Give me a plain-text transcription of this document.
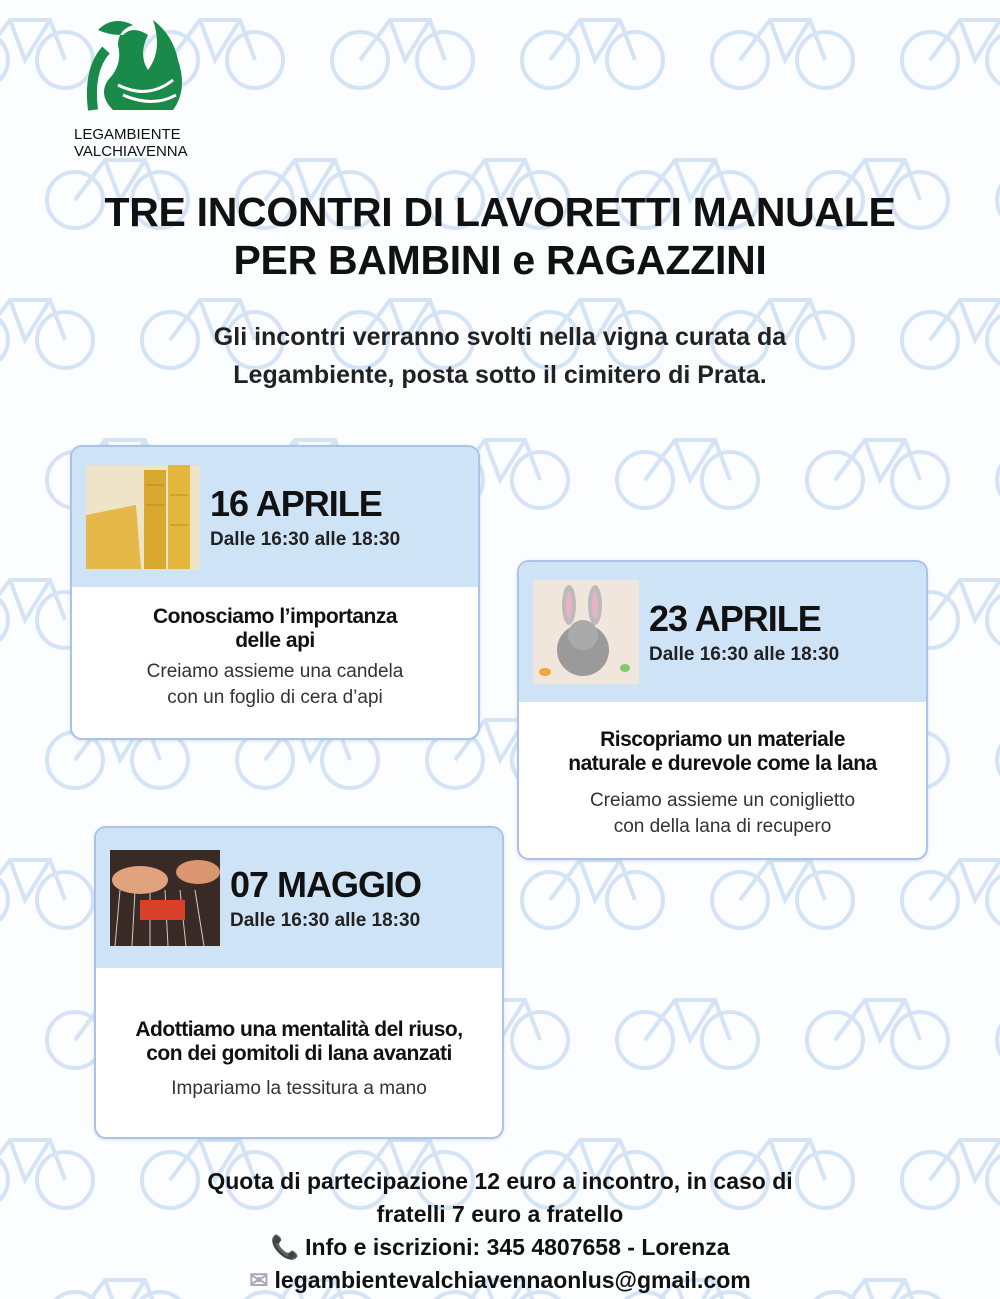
LEGAMBIENTE
VALCHIAVENNA
TRE INCONTRI DI LAVORETTI MANUALE
PER BAMBINI e RAGAZZINI
Gli incontri verranno svolti nella vigna curata da
Legambiente, posta sotto il cimitero di Prata.
16 APRILE
Dalle 16:30 alle 18:30
Conosciamo l’importanza
delle api
Creiamo assieme una candela
con un foglio di cera d’api
23 APRILE
Dalle 16:30 alle 18:30
Riscopriamo un materiale
naturale e durevole come la lana
Creiamo assieme un coniglietto
con della lana di recupero
07 MAGGIO
Dalle 16:30 alle 18:30
Adottiamo una mentalità del riuso,
con dei gomitoli di lana avanzati
Impariamo la tessitura a mano
Quota di partecipazione 12 euro a incontro, in caso di
fratelli 7 euro a fratello
📞 Info e iscrizioni: 345 4807658 - Lorenza
✉ legambientevalchiavennaonlus@gmail.com
